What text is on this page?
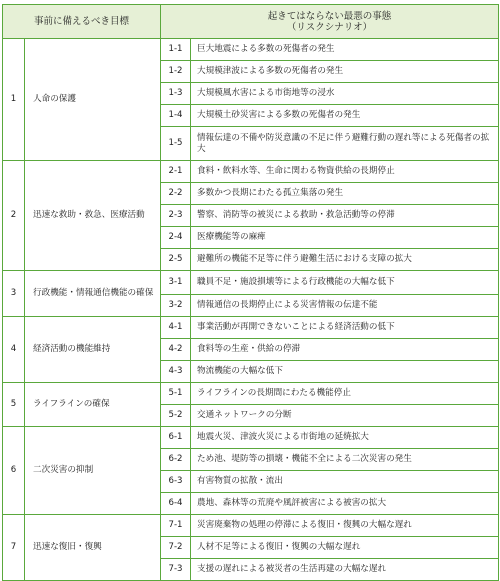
事前に備えるべき目標		起きてはならない最悪の事態
（リスクシナリオ）	

1	人命の保護	1-1	巨大地震による多数の死傷者の発生
		1-2	大規模津波による多数の死傷者の発生
		1-3	大規模風水害による市街地等の浸水
		1-4	大規模土砂災害による多数の死傷者の発生
		1-5	情報伝達の不備や防災意識の不足に伴う避難行動の遅れ等による死傷者の拡大
2	迅速な救助・救急、医療活動	2-1	食料・飲料水等、生命に関わる物資供給の長期停止
		2-2	多数かつ長期にわたる孤立集落の発生
		2-3	警察、消防等の被災による救助・救急活動等の停滞
		2-4	医療機能等の麻痺
		2-5	避難所の機能不足等に伴う避難生活における支障の拡大
3	行政機能・情報通信機能の確保	3-1	職員不足・施設損壊等による行政機能の大幅な低下
		3-2	情報通信の長期停止による災害情報の伝達不能
4	経済活動の機能維持	4-1	事業活動が再開できないことによる経済活動の低下
		4-2	食料等の生産・供給の停滞
		4-3	物流機能の大幅な低下
5	ライフラインの確保	5-1	ライフラインの長期間にわたる機能停止
		5-2	交通ネットワークの分断
6	二次災害の抑制	6-1	地震火災、津波火災による市街地の延焼拡大
		6-2	ため池、堤防等の損壊・機能不全による二次災害の発生
		6-3	有害物質の拡散・流出
		6-4	農地、森林等の荒廃や風評被害による被害の拡大
7	迅速な復旧・復興	7-1	災害廃棄物の処理の停滞による復旧・復興の大幅な遅れ
		7-2	人材不足等による復旧・復興の大幅な遅れ
		7-3	支援の遅れによる被災者の生活再建の大幅な遅れ
